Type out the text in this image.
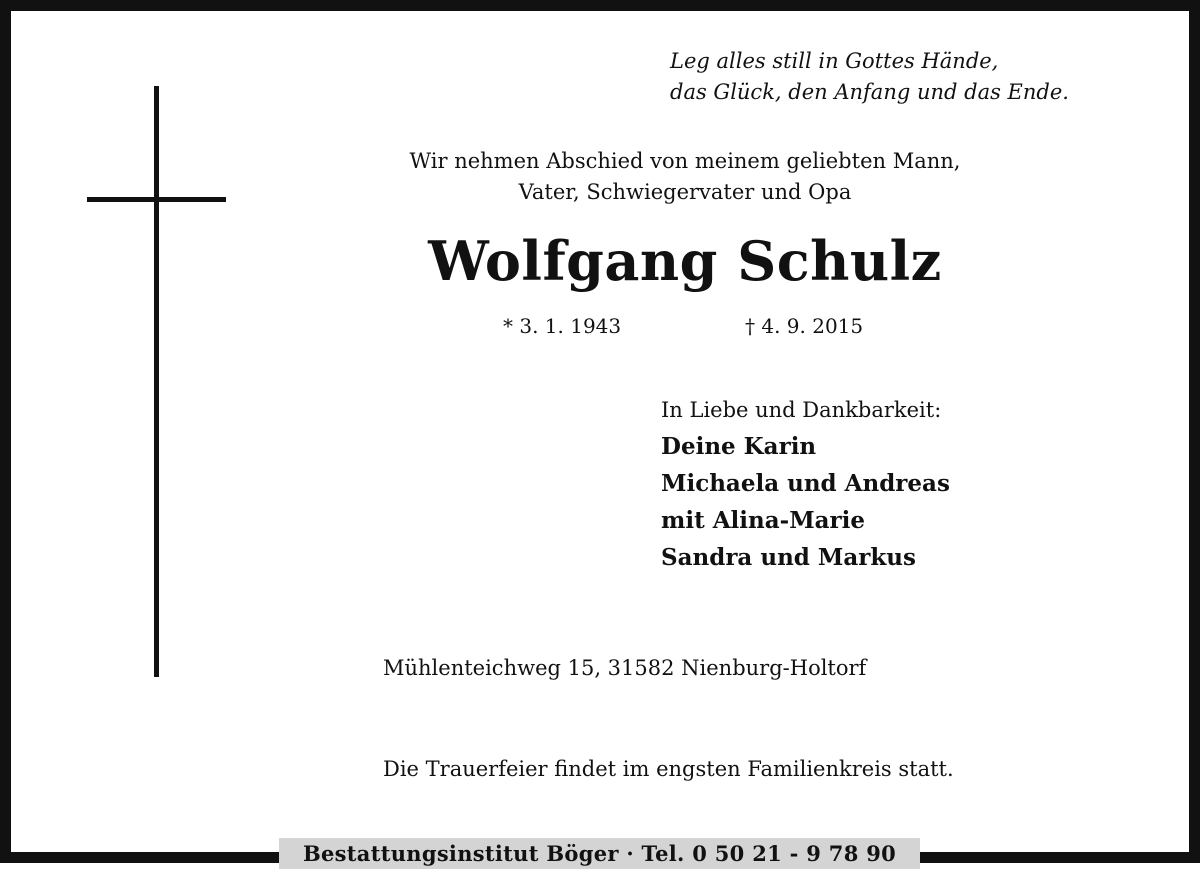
Leg alles still in Gottes Hände,
das Glück, den Anfang und das Ende.
Wir nehmen Abschied von meinem geliebten Mann,
Vater, Schwiegervater und Opa
Wolfgang Schulz
* 3. 1. 1943	† 4. 9. 2015
In Liebe und Dankbarkeit:
Deine Karin
Michaela und Andreas
mit Alina-Marie
Sandra und Markus
Mühlenteichweg 15, 31582 Nienburg-Holtorf
Die Trauerfeier findet im engsten Familienkreis statt.
Bestattungsinstitut Böger · Tel. 0 50 21 - 9 78 90
